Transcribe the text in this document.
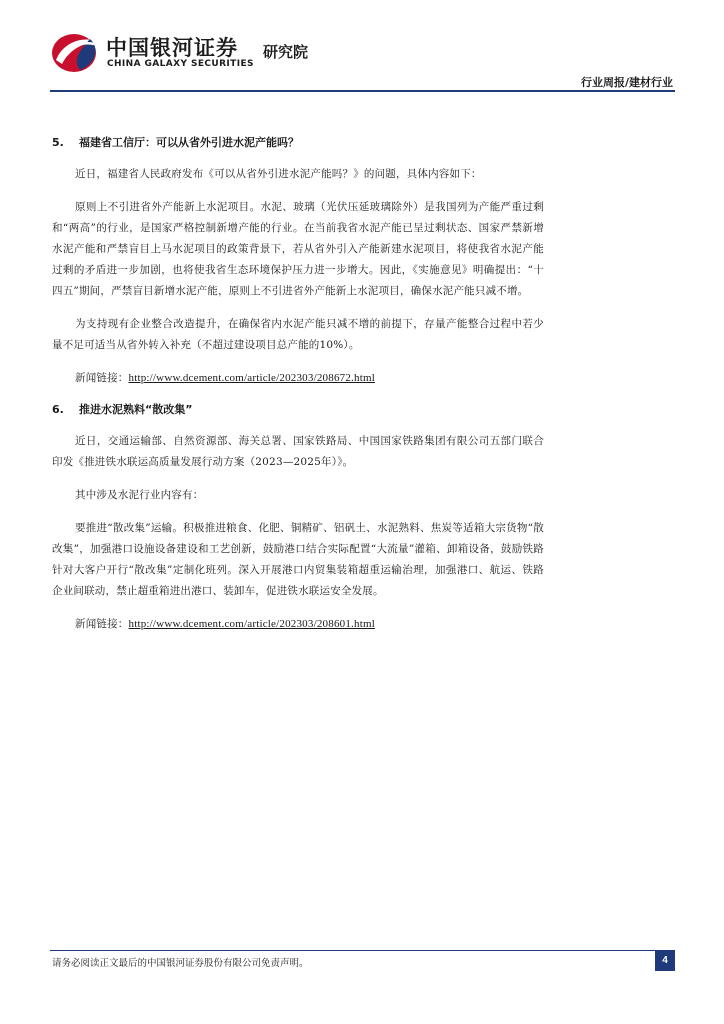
中国银河证券
CHINA GALAXY SECURITIES
研究院
行业周报/建材行业
5. 福建省工信厅：可以从省外引进水泥产能吗？

近日，福建省人民政府发布《可以从省外引进水泥产能吗？》的问题，具体内容如下：

原则上不引进省外产能新上水泥项目。水泥、玻璃（光伏压延玻璃除外）是我国列为产能严重过剩和“两高”的行业，是国家严格控制新增产能的行业。在当前我省水泥产能已呈过剩状态、国家严禁新增水泥产能和严禁盲目上马水泥项目的政策背景下，若从省外引入产能新建水泥项目，将使我省水泥产能过剩的矛盾进一步加剧，也将使我省生态环境保护压力进一步增大。因此，《实施意见》明确提出：“十四五”期间，严禁盲目新增水泥产能，原则上不引进省外产能新上水泥项目，确保水泥产能只减不增。

为支持现有企业整合改造提升，在确保省内水泥产能只减不增的前提下，存量产能整合过程中若少量不足可适当从省外转入补充（不超过建设项目总产能的10%）。

新闻链接：http://www.dcement.com/article/202303/208672.html

6. 推进水泥熟料“散改集”

近日，交通运输部、自然资源部、海关总署、国家铁路局、中国国家铁路集团有限公司五部门联合印发《推进铁水联运高质量发展行动方案（2023—2025年）》。

其中涉及水泥行业内容有：

要推进“散改集”运输。积极推进粮食、化肥、铜精矿、铝矾土、水泥熟料、焦炭等适箱大宗货物“散改集”，加强港口设施设备建设和工艺创新，鼓励港口结合实际配置“大流量”灌箱、卸箱设备，鼓励铁路针对大客户开行“散改集”定制化班列。深入开展港口内贸集装箱超重运输治理，加强港口、航运、铁路企业间联动，禁止超重箱进出港口、装卸车，促进铁水联运安全发展。

新闻链接：http://www.dcement.com/article/202303/208601.html

请务必阅读正文最后的中国银河证券股份有限公司免责声明。	4
